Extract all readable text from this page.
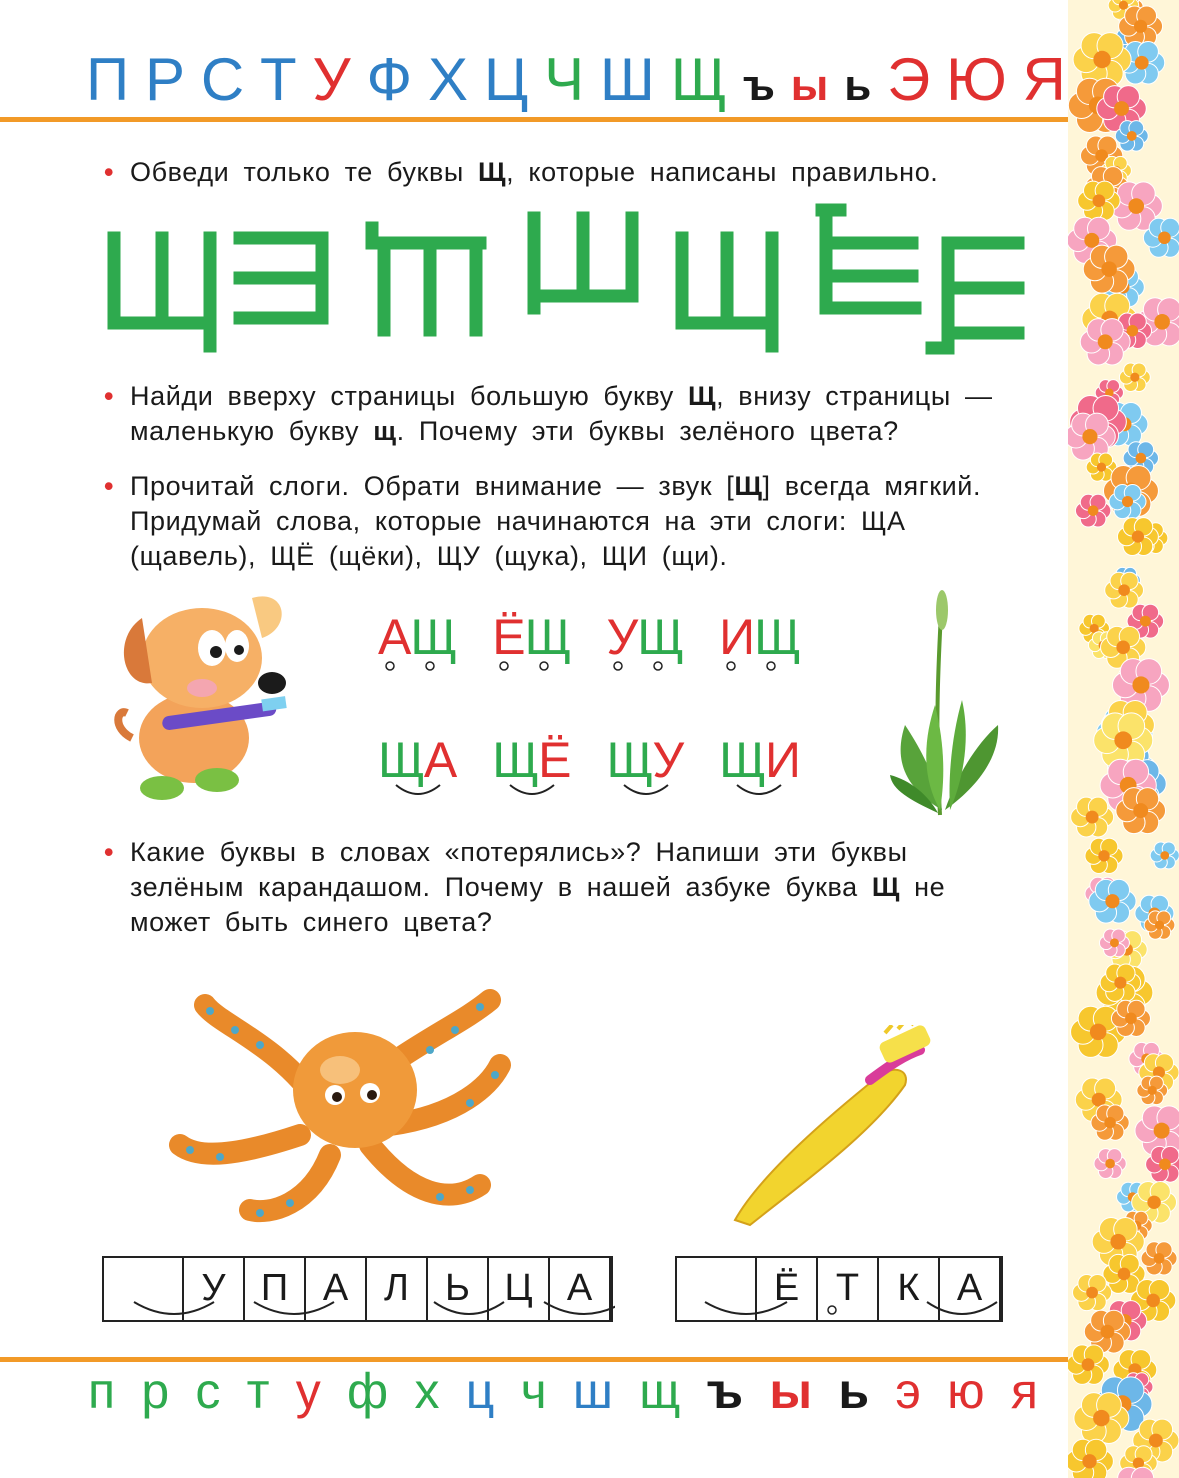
П Р С Т У Ф Х Ц Ч Ш Щ ъ ы ь Э Ю Я
• Обведи только те буквы Щ, которые написаны правильно.
• Найди вверху страницы большую букву Щ, внизу страницы — маленькую букву щ. Почему эти буквы зелёного цвета?
• Прочитай слоги. Обрати внимание — звук [Щ] всегда мягкий. Придумай слова, которые начинаются на эти слоги: ЩА (щавель), ЩЁ (щёки), ЩУ (щука), ЩИ (щи).
АЩ ЁЩ УЩ ИЩ
ЩА ЩЁ ЩУ ЩИ
• Какие буквы в словах «потерялись»? Напиши эти буквы зелёным карандашом. Почему в нашей азбуке буква Щ не может быть синего цвета?
У П А Л Ь Ц А	Ё Т	К А
п р с т у ф х ц ч ш щ ъ ы ь э ю я
